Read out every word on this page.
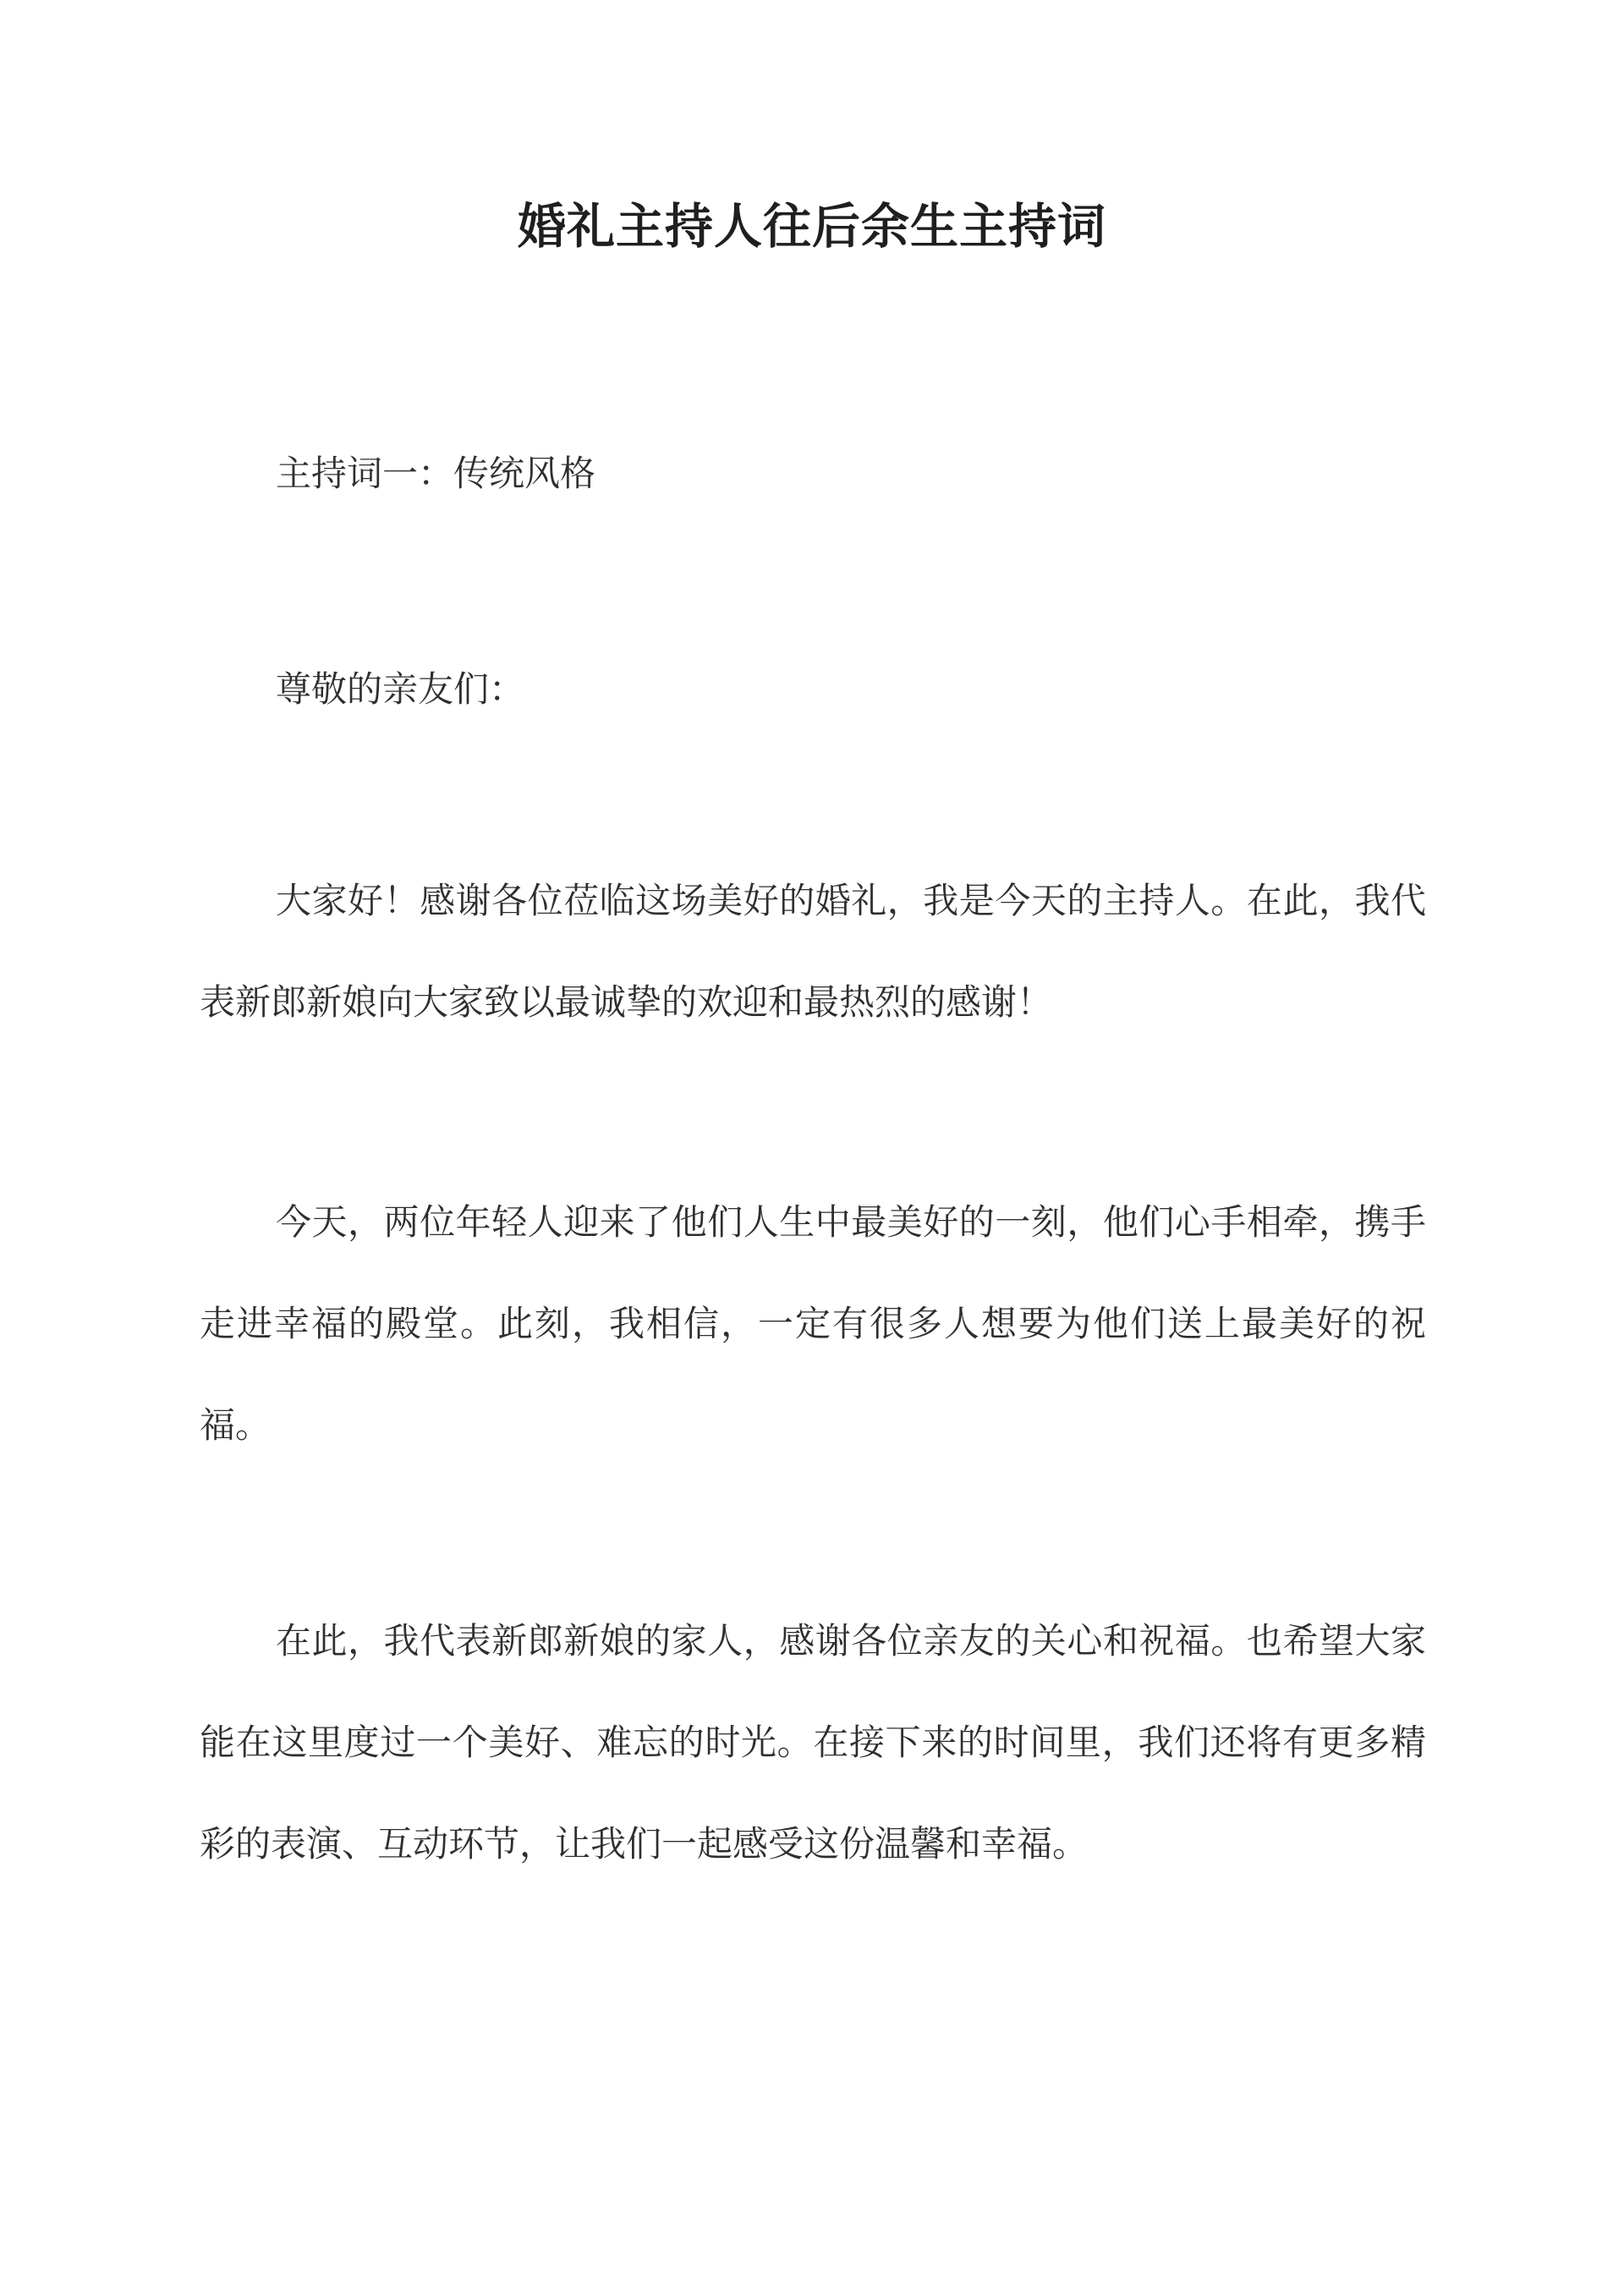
婚礼主持人往后余生主持词

主持词一：传统风格

尊敬的亲友们：

大家好！感谢各位莅临这场美好的婚礼，我是今天的主持人。在此，我代表新郎新娘向大家致以最诚挚的欢迎和最热烈的感谢！

今天，两位年轻人迎来了他们人生中最美好的一刻，他们心手相牵，携手走进幸福的殿堂。此刻，我相信，一定有很多人想要为他们送上最美好的祝福。

在此，我代表新郎新娘的家人，感谢各位亲友的关心和祝福。也希望大家能在这里度过一个美好、难忘的时光。在接下来的时间里，我们还将有更多精彩的表演、互动环节，让我们一起感受这份温馨和幸福。
